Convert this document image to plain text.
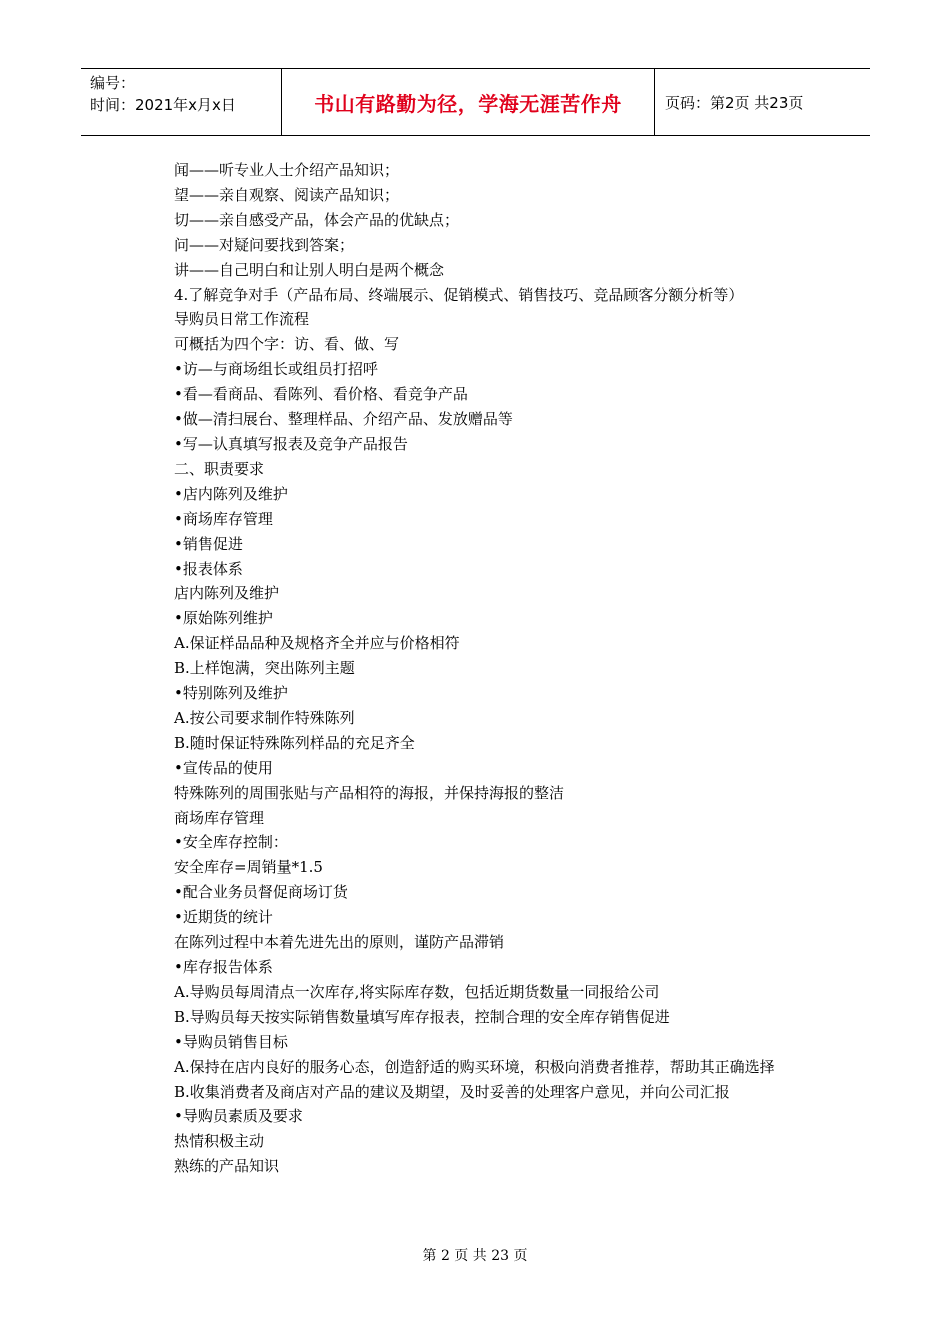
编号：
时间：2021年x月x日	书山有路勤为径，学海无涯苦作舟	页码：第2页 共23页

闻——听专业人士介绍产品知识；

望——亲自观察、阅读产品知识；

切——亲自感受产品，体会产品的优缺点；

问——对疑问要找到答案；

讲——自己明白和让别人明白是两个概念

4.了解竞争对手（产品布局、终端展示、促销模式、销售技巧、竞品顾客分额分析等）

导购员日常工作流程

可概括为四个字：访、看、做、写

•访—与商场组长或组员打招呼

•看—看商品、看陈列、看价格、看竞争产品

•做—清扫展台、整理样品、介绍产品、发放赠品等

•写—认真填写报表及竞争产品报告

二、职责要求

•店内陈列及维护

•商场库存管理

•销售促进

•报表体系

店内陈列及维护

•原始陈列维护

A.保证样品品种及规格齐全并应与价格相符

B.上样饱满，突出陈列主题

•特别陈列及维护

A.按公司要求制作特殊陈列

B.随时保证特殊陈列样品的充足齐全

•宣传品的使用

特殊陈列的周围张贴与产品相符的海报，并保持海报的整洁

商场库存管理

•安全库存控制：

安全库存=周销量*1.5

•配合业务员督促商场订货

•近期货的统计

在陈列过程中本着先进先出的原则，谨防产品滞销

•库存报告体系

A.导购员每周清点一次库存,将实际库存数，包括近期货数量一同报给公司

B.导购员每天按实际销售数量填写库存报表，控制合理的安全库存销售促进

•导购员销售目标

A.保持在店内良好的服务心态，创造舒适的购买环境，积极向消费者推荐，帮助其正确选择

B.收集消费者及商店对产品的建议及期望，及时妥善的处理客户意见，并向公司汇报

•导购员素质及要求

热情积极主动

熟练的产品知识

第 2 页 共 23 页
